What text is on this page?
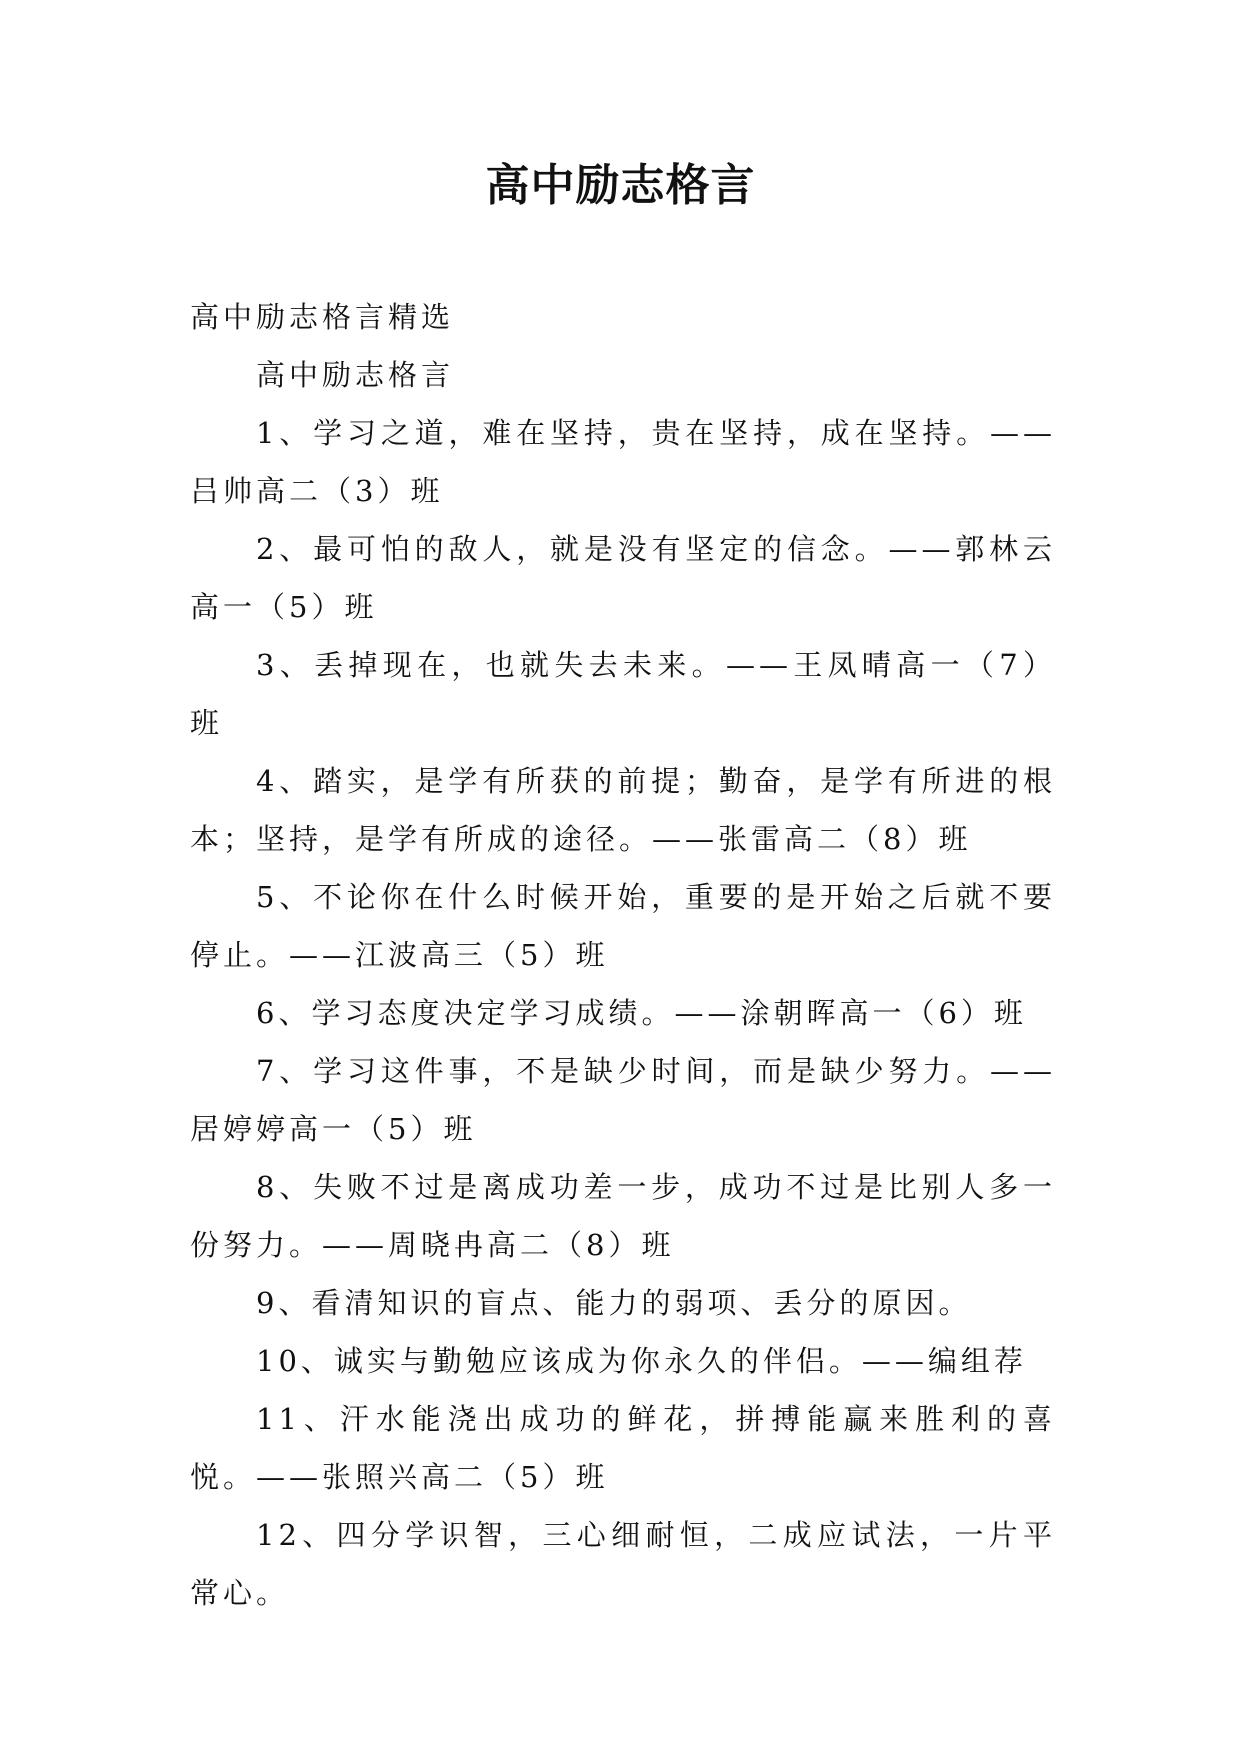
高中励志格言

高中励志格言精选

高中励志格言

1、学习之道，难在坚持，贵在坚持，成在坚持。——吕帅高二（3）班

2、最可怕的敌人，就是没有坚定的信念。——郭林云高一（5）班

3、丢掉现在，也就失去未来。——王凤晴高一（7）班

4、踏实，是学有所获的前提；勤奋，是学有所进的根本；坚持，是学有所成的途径。——张雷高二（8）班

5、不论你在什么时候开始，重要的是开始之后就不要停止。——江波高三（5）班

6、学习态度决定学习成绩。——涂朝晖高一（6）班

7、学习这件事，不是缺少时间，而是缺少努力。——居婷婷高一（5）班

8、失败不过是离成功差一步，成功不过是比别人多一份努力。——周晓冉高二（8）班

9、看清知识的盲点、能力的弱项、丢分的原因。

10、诚实与勤勉应该成为你永久的伴侣。——编组荐

11、汗水能浇出成功的鲜花，拼搏能赢来胜利的喜悦。——张照兴高二（5）班

12、四分学识智，三心细耐恒，二成应试法，一片平常心。
